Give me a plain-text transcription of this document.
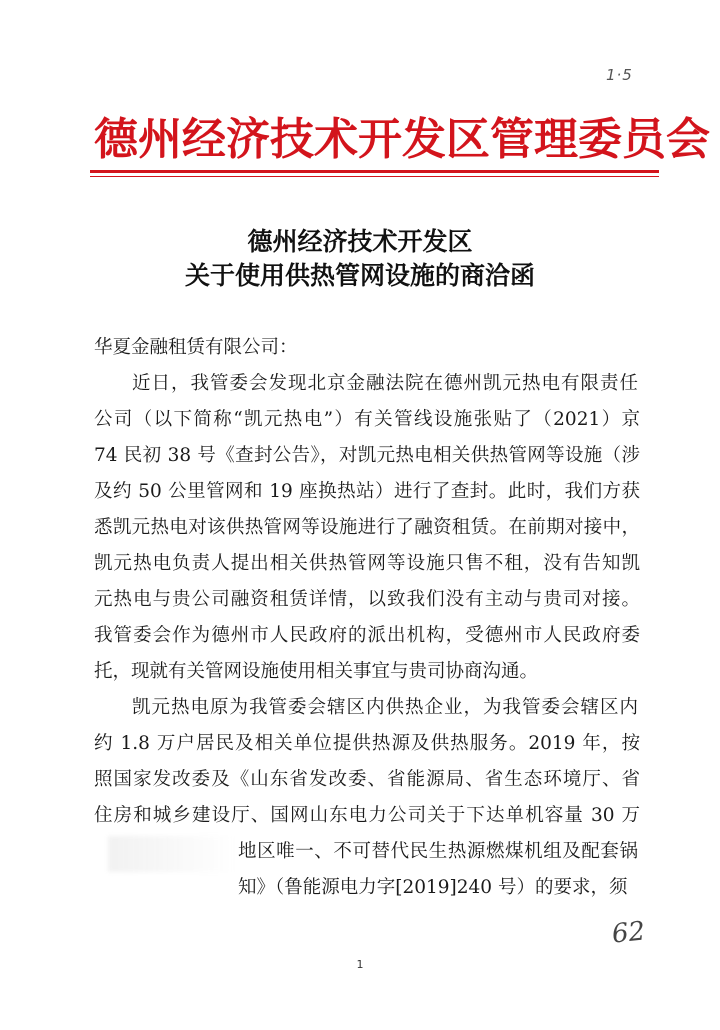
1·5
德州经济技术开发区管理委员会
德州经济技术开发区
关于使用供热管网设施的商洽函
华夏金融租赁有限公司：
近日，我管委会发现北京金融法院在德州凯元热电有限责任
公司（以下简称“凯元热电”）有关管线设施张贴了（2021）京
74 民初 38 号《查封公告》，对凯元热电相关供热管网等设施（涉
及约 50 公里管网和 19 座换热站）进行了查封。此时，我们方获
悉凯元热电对该供热管网等设施进行了融资租赁。在前期对接中，
凯元热电负责人提出相关供热管网等设施只售不租，没有告知凯
元热电与贵公司融资租赁详情，以致我们没有主动与贵司对接。
我管委会作为德州市人民政府的派出机构，受德州市人民政府委
托，现就有关管网设施使用相关事宜与贵司协商沟通。
凯元热电原为我管委会辖区内供热企业，为我管委会辖区内
约 1.8 万户居民及相关单位提供热源及供热服务。2019 年，按
照国家发改委及《山东省发改委、省能源局、省生态环境厅、省
住房和城乡建设厅、国网山东电力公司关于下达单机容量 30 万
地区唯一、不可替代民生热源燃煤机组及配套锅
知》（鲁能源电力字[2019]240 号）的要求，须
62
1
